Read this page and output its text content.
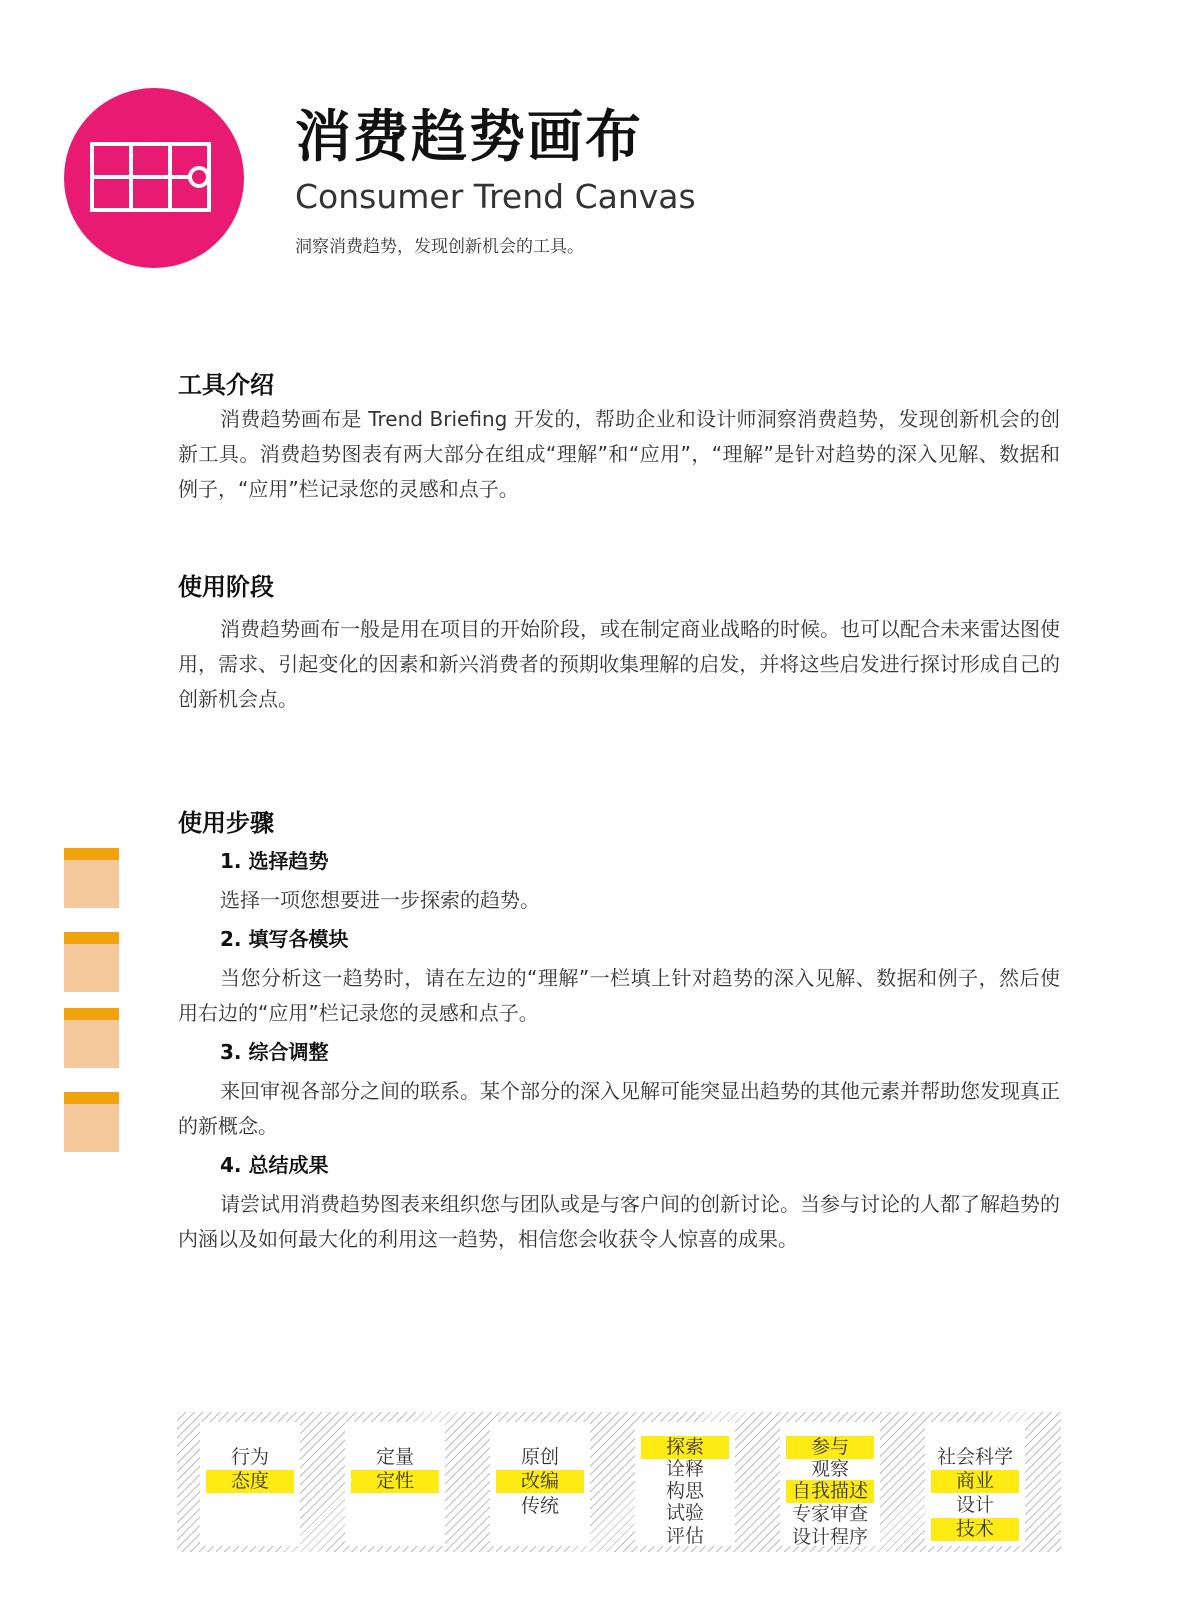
消费趋势画布
Consumer Trend Canvas
洞察消费趋势，发现创新机会的工具。
工具介绍

消费趋势画布是 Trend Briefing 开发的，帮助企业和设计师洞察消费趋势，发现创新机会的创新工具。消费趋势图表有两大部分在组成“理解”和“应用”，“理解”是针对趋势的深入见解、数据和例子，“应用”栏记录您的灵感和点子。

使用阶段

消费趋势画布一般是用在项目的开始阶段，或在制定商业战略的时候。也可以配合未来雷达图使用，需求、引起变化的因素和新兴消费者的预期收集理解的启发，并将这些启发进行探讨形成自己的创新机会点。

使用步骤

1. 选择趋势

选择一项您想要进一步探索的趋势。

2. 填写各模块

当您分析这一趋势时，请在左边的“理解”一栏填上针对趋势的深入见解、数据和例子，然后使用右边的“应用”栏记录您的灵感和点子。

3. 综合调整

来回审视各部分之间的联系。某个部分的深入见解可能突显出趋势的其他元素并帮助您发现真正的新概念。

4. 总结成果

请尝试用消费趋势图表来组织您与团队或是与客户间的创新讨论。当参与讨论的人都了解趋势的内涵以及如何最大化的利用这一趋势，相信您会收获令人惊喜的成果。

行为
态度
定量
定性
原创
改编
传统
探索
诠释
构思
试验
评估
参与
观察
自我描述
专家审查
设计程序
社会科学
商业
设计
技术
